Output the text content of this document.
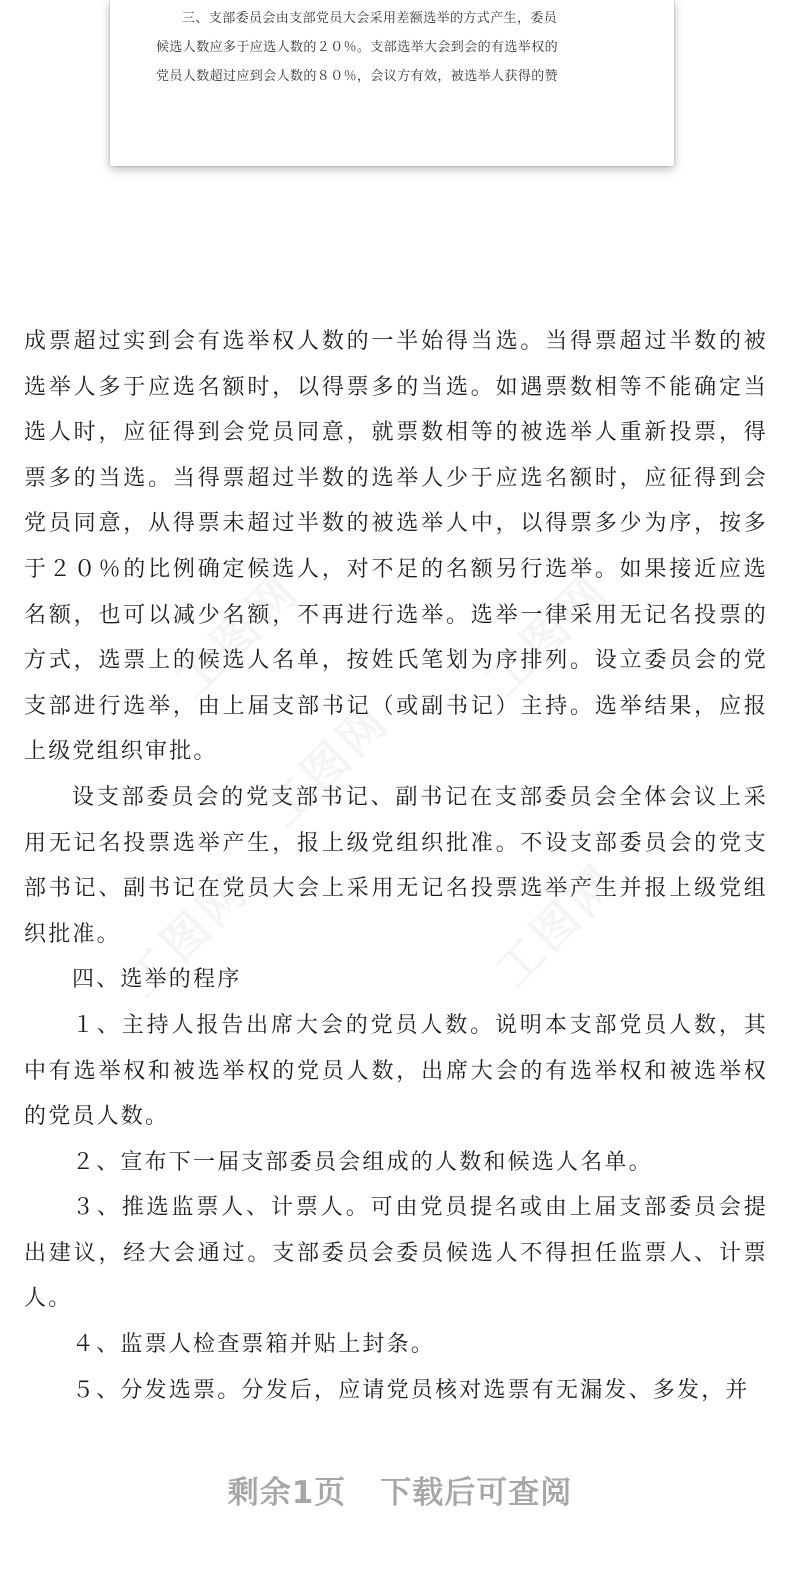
三、支部委员会由支部党员大会采用差额选举的方式产生，委员

候选人数应多于应选人数的２０％。支部选举大会到会的有选举权的

党员人数超过应到会人数的８０％，会议方有效，被选举人获得的赞

成票超过实到会有选举权人数的一半始得当选。当得票超过半数的被选举人多于应选名额时，以得票多的当选。如遇票数相等不能确定当选人时，应征得到会党员同意，就票数相等的被选举人重新投票，得票多的当选。当得票超过半数的选举人少于应选名额时，应征得到会党员同意，从得票未超过半数的被选举人中，以得票多少为序，按多于２０％的比例确定候选人，对不足的名额另行选举。如果接近应选名额，也可以减少名额，不再进行选举。选举一律采用无记名投票的方式，选票上的候选人名单，按姓氏笔划为序排列。设立委员会的党支部进行选举，由上届支部书记（或副书记）主持。选举结果，应报上级党组织审批。

设支部委员会的党支部书记、副书记在支部委员会全体会议上采用无记名投票选举产生，报上级党组织批准。不设支部委员会的党支部书记、副书记在党员大会上采用无记名投票选举产生并报上级党组织批准。

四、选举的程序

１、主持人报告出席大会的党员人数。说明本支部党员人数，其中有选举权和被选举权的党员人数，出席大会的有选举权和被选举权的党员人数。

２、宣布下一届支部委员会组成的人数和候选人名单。

３、推选监票人、计票人。可由党员提名或由上届支部委员会提出建议，经大会通过。支部委员会委员候选人不得担任监票人、计票人。

４、监票人检查票箱并贴上封条。

５、分发选票。分发后，应请党员核对选票有无漏发、多发，并

剩余1页 下载后可查阅
